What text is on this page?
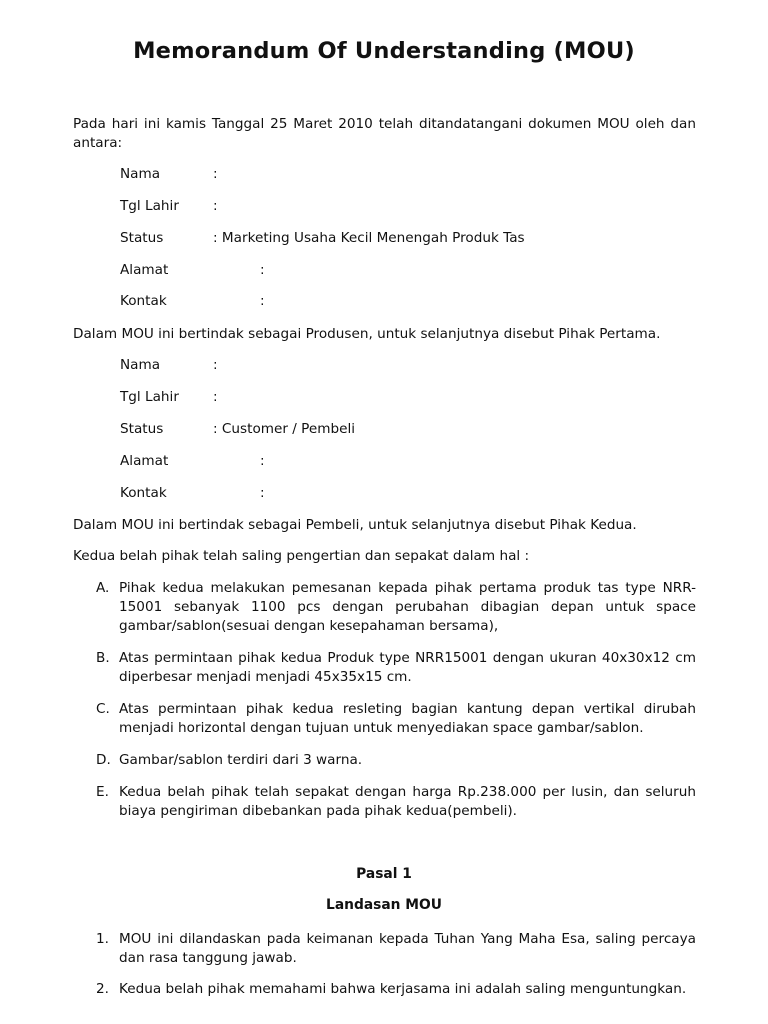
Memorandum Of Understanding (MOU)

Pada hari ini kamis Tanggal 25 Maret 2010 telah ditandatangani dokumen MOU oleh dan antara:

Nama	:
Tgl Lahir	:
Status	: Marketing Usaha Kecil Menengah Produk Tas
Alamat	:
Kontak	:

Dalam MOU ini bertindak sebagai Produsen, untuk selanjutnya disebut Pihak Pertama.

Nama	:
Tgl Lahir	:
Status	: Customer / Pembeli
Alamat	:
Kontak	:

Dalam MOU ini bertindak sebagai Pembeli, untuk selanjutnya disebut Pihak Kedua.

Kedua belah pihak telah saling pengertian dan sepakat dalam hal :

A. Pihak kedua melakukan pemesanan kepada pihak pertama produk tas type NRR-15001 sebanyak 1100 pcs dengan perubahan dibagian depan untuk space gambar/sablon(sesuai dengan kesepahaman bersama),
B. Atas permintaan pihak kedua Produk type NRR15001 dengan ukuran 40x30x12 cm diperbesar menjadi menjadi 45x35x15 cm.
C. Atas permintaan pihak kedua resleting bagian kantung depan vertikal dirubah menjadi horizontal dengan tujuan untuk menyediakan space gambar/sablon.
D. Gambar/sablon terdiri dari 3 warna.
E. Kedua belah pihak telah sepakat dengan harga Rp.238.000 per lusin, dan seluruh biaya pengiriman dibebankan pada pihak kedua(pembeli).

Pasal 1

Landasan MOU

1. MOU ini dilandaskan pada keimanan kepada Tuhan Yang Maha Esa, saling percaya dan rasa tanggung jawab.
2. Kedua belah pihak memahami bahwa kerjasama ini adalah saling menguntungkan.
